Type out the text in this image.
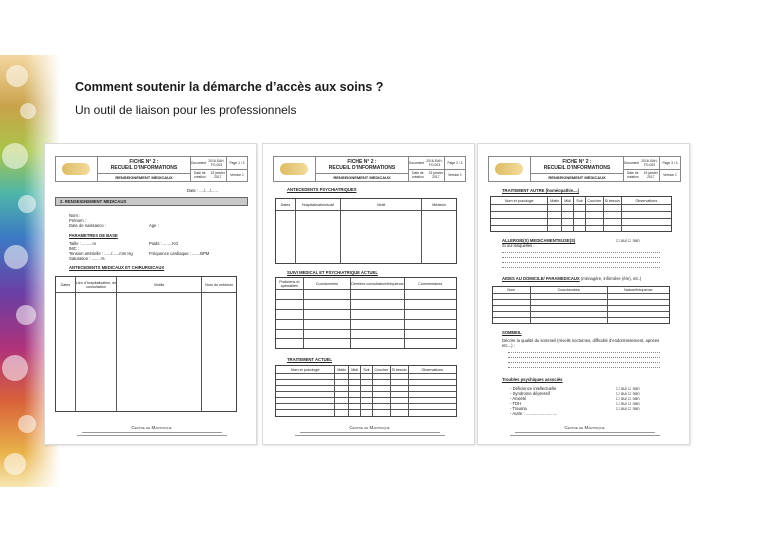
Comment soutenir la démarche d’accès aux soins ?
Un outil de liaison pour les professionnels
FICHE N° 2 :
RECUEIL D’INFORMATIONS
RENSEIGNEMENT MEDICAUX
Document
2016-SAH-FO-003
Date de création

15 janvier 2017
Page 1 / 3
Version
1
Date : ..../..../......
2. RENSEIGNEMENT MEDICAUX
Nom :
Prénom :
Date de naissance :	Age :
PARAMETRES DE BASE
Taille : .........m	Poids : ........KG
IMC :
Tension artérielle : ....../......mm Hg	Fréquence cardiaque : .......BPM
Saturation : ........%
ANTECEDENTS MEDICAUX ET CHIRURGICAUX
Dates	Lieu d’hospitalisation, de consultation	Motifs	Nom du médecin
Centre de Martinique
FICHE N° 2 :
RECUEIL D’INFORMATIONS
RENSEIGNEMENT MEDICAUX
Document
2016-SAH-FO-003
Date de création

15 janvier 2017
Page 2 / 3
Version
1
ANTECEDENTS PSYCHIATRIQUES
Dates	Hospitalisation/suivi	Motif	Médecin
SUIVI MEDICAL ET PSYCHIATRIQUE ACTUEL
Praticiens et spécialités	Coordonnées	Dernière consultation/fréquence	Commentaires
TRAITEMENT ACTUEL
Nom et posologie	Matin	Midi	Soir	Coucher Si besoin	Observations
Centre de Martinique
FICHE N° 2 :
RECUEIL D’INFORMATIONS
RENSEIGNEMENT MEDICAUX
Document
2016-SAH-FO-003
Date de création

15 janvier 2017
Page 3 / 3
Version
1
TRAITEMENT AUTRE (homéopathie....)
Nom et posologie	Matin	Midi	Soir	Coucher Si besoin	Observations
ALLERGIE(S) MEDICAMENTEUSE(S)	☐ oui ☐ non
Si oui lesquelles :
AIDES AU DOMICILE/ PARAMEDICAUX (ménagère, infirmière (ère), etc.)
Nom	Coordonnées	Nature/fréquence
SOMMEIL
Décrire la qualité du sommeil (réveils nocturnes, difficulté d’endormissement, apnées etc...) :
Troubles psychiques associés
- Déficience intellectuelle	☐ oui ☐ non
- Syndrome dépressif	☐ oui ☐ non
- Anxiété	☐ oui ☐ non
- TDH	☐ oui ☐ non
- Trauma	☐ oui ☐ non
- Autre : ...........................
Centre de Martinique
